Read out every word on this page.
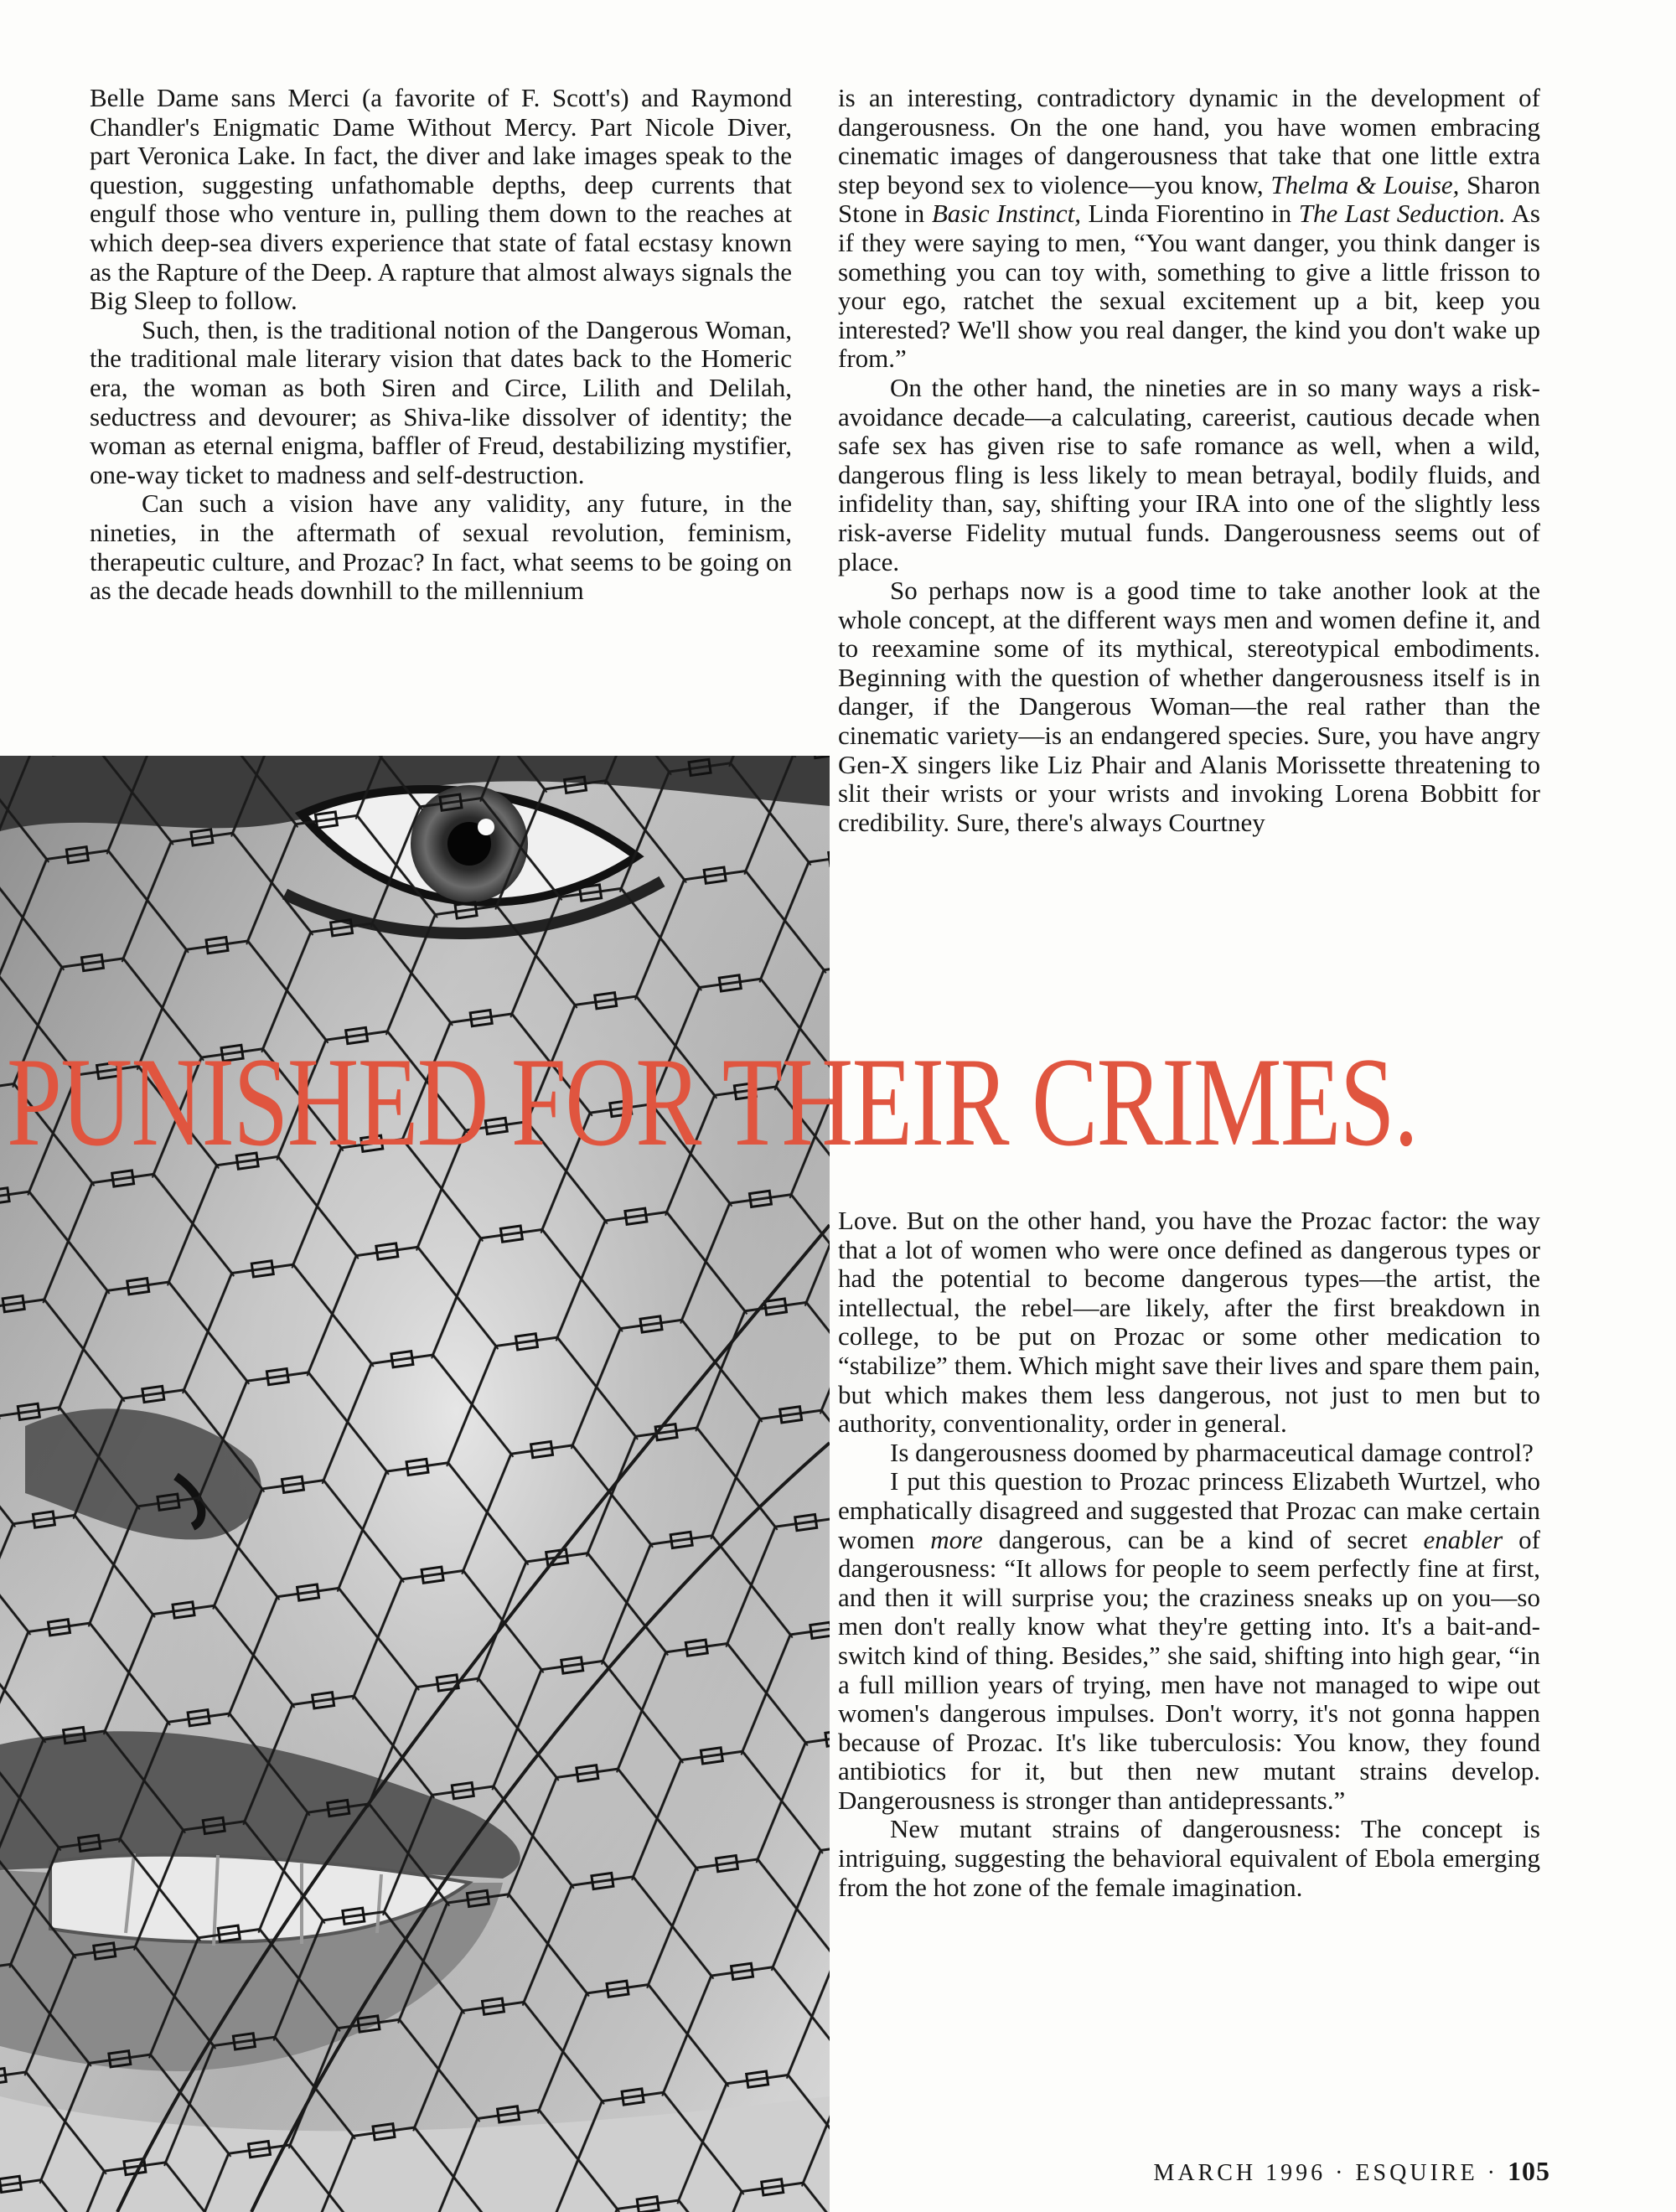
Belle Dame sans Merci (a favorite of F. Scott's) and Raymond Chandler's Enigmatic Dame Without Mercy. Part Nicole Diver, part Veronica Lake. In fact, the diver and lake images speak to the question, suggesting unfathomable depths, deep currents that engulf those who venture in, pulling them down to the reaches at which deep-sea divers experience that state of fatal ecstasy known as the Rapture of the Deep. A rapture that almost always signals the Big Sleep to follow.

Such, then, is the traditional notion of the Dangerous Woman, the traditional male literary vision that dates back to the Homeric era, the woman as both Siren and Circe, Lilith and Delilah, seductress and devourer; as Shiva-like dissolver of identity; the woman as eternal enigma, baffler of Freud, destabilizing mystifier, one-way ticket to madness and self-destruction.

Can such a vision have any validity, any future, in the nineties, in the aftermath of sexual revolution, feminism, therapeutic culture, and Prozac? In fact, what seems to be going on as the decade heads downhill to the millennium

is an interesting, contradictory dynamic in the development of dangerousness. On the one hand, you have women embracing cinematic images of dangerousness that take that one little extra step beyond sex to violence—you know, Thelma & Louise, Sharon Stone in Basic Instinct, Linda Fiorentino in The Last Seduction. As if they were saying to men, “You want danger, you think danger is something you can toy with, something to give a little frisson to your ego, ratchet the sexual excitement up a bit, keep you interested? We'll show you real danger, the kind you don't wake up from.”

On the other hand, the nineties are in so many ways a risk-avoidance decade—a calculating, careerist, cautious decade when safe sex has given rise to safe romance as well, when a wild, dangerous fling is less likely to mean betrayal, bodily fluids, and infidelity than, say, shifting your IRA into one of the slightly less risk-averse Fidelity mutual funds. Dangerousness seems out of place.

So perhaps now is a good time to take another look at the whole concept, at the different ways men and women define it, and to reexamine some of its mythical, stereotypical embodiments. Beginning with the question of whether dangerousness itself is in danger, if the Dangerous Woman—the real rather than the cinematic variety—is an endangered species. Sure, you have angry Gen-X singers like Liz Phair and Alanis Morissette threatening to slit their wrists or your wrists and invoking Lorena Bobbitt for credibility. Sure, there's always Courtney

PUNISHED FOR THEIR CRIMES.

Love. But on the other hand, you have the Prozac factor: the way that a lot of women who were once defined as dangerous types or had the potential to become dangerous types—the artist, the intellectual, the rebel—are likely, after the first breakdown in college, to be put on Prozac or some other medication to “stabilize” them. Which might save their lives and spare them pain, but which makes them less dangerous, not just to men but to authority, conventionality, order in general.

Is dangerousness doomed by pharmaceutical damage control?

I put this question to Prozac princess Elizabeth Wurtzel, who emphatically disagreed and suggested that Prozac can make certain women more dangerous, can be a kind of secret enabler of dangerousness: “It allows for people to seem perfectly fine at first, and then it will surprise you; the craziness sneaks up on you—so men don't really know what they're getting into. It's a bait-and-switch kind of thing. Besides,” she said, shifting into high gear, “in a full million years of trying, men have not managed to wipe out women's dangerous impulses. Don't worry, it's not gonna happen because of Prozac. It's like tuberculosis: You know, they found antibiotics for it, but then new mutant strains develop. Dangerousness is stronger than antidepressants.”

New mutant strains of dangerousness: The concept is intriguing, suggesting the behavioral equivalent of Ebola emerging from the hot zone of the female imagination.

MARCH 1996 · ESQUIRE · 105
